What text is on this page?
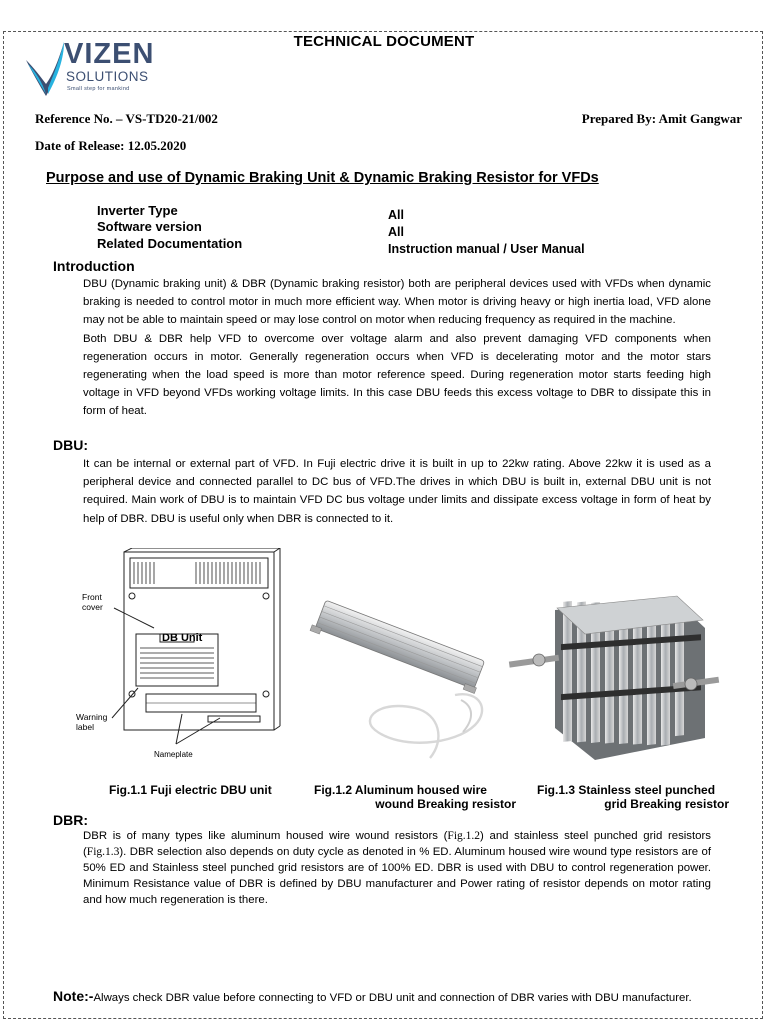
TECHNICAL DOCUMENT
VIZEN
SOLUTIONS
Small step for mankind
Reference No. – VS-TD20-21/002	Prepared By: Amit Gangwar
Date of Release: 12.05.2020
Purpose and use of Dynamic Braking Unit & Dynamic Braking Resistor for VFDs
Inverter Type
Software version
Related Documentation
All
All
Instruction manual / User Manual
Introduction

DBU (Dynamic braking unit) & DBR (Dynamic braking resistor) both are peripheral devices used with VFDs when dynamic braking is needed to control motor in much more efficient way. When motor is driving heavy or high inertia load, VFD alone may not be able to maintain speed or may lose control on motor when reducing frequency as required in the machine.

Both DBU & DBR help VFD to overcome over voltage alarm and also prevent damaging VFD components when regeneration occurs in motor. Generally regeneration occurs when VFD is decelerating motor and the motor stars regenerating when the load speed is more than motor reference speed. During regeneration motor starts feeding high voltage in VFD beyond VFDs working voltage limits. In this case DBU feeds this excess voltage to DBR to dissipate this in form of heat.

DBU:

It can be internal or external part of VFD. In Fuji electric drive it is built in up to 22kw rating. Above 22kw it is used as a peripheral device and connected parallel to DC bus of VFD.The drives in which DBU is built in, external DBU unit is not required. Main work of DBU is to maintain VFD DC bus voltage under limits and dissipate excess voltage in form of heat by help of DBR. DBU is useful only when DBR is connected to it.

DB Unit
Front cover
Warning label
Nameplate
Fig.1.1 Fuji electric DBU unit	Fig.1.2 Aluminum housed wire
wound Breaking resistor
Fig.1.3 Stainless steel punched
grid Breaking resistor
DBR:
DBR is of many types like aluminum housed wire wound resistors (Fig.1.2) and stainless steel punched grid resistors (Fig.1.3). DBR selection also depends on duty cycle as denoted in % ED. Aluminum housed wire wound type resistors are of 50% ED and Stainless steel punched grid resistors are of 100% ED. DBR is used with DBU to control regeneration power. Minimum Resistance value of DBR is defined by DBU manufacturer and Power rating of resistor depends on motor rating and how much regeneration is there.
Note:-Always check DBR value before connecting to VFD or DBU unit and connection of DBR varies with DBU manufacturer.
